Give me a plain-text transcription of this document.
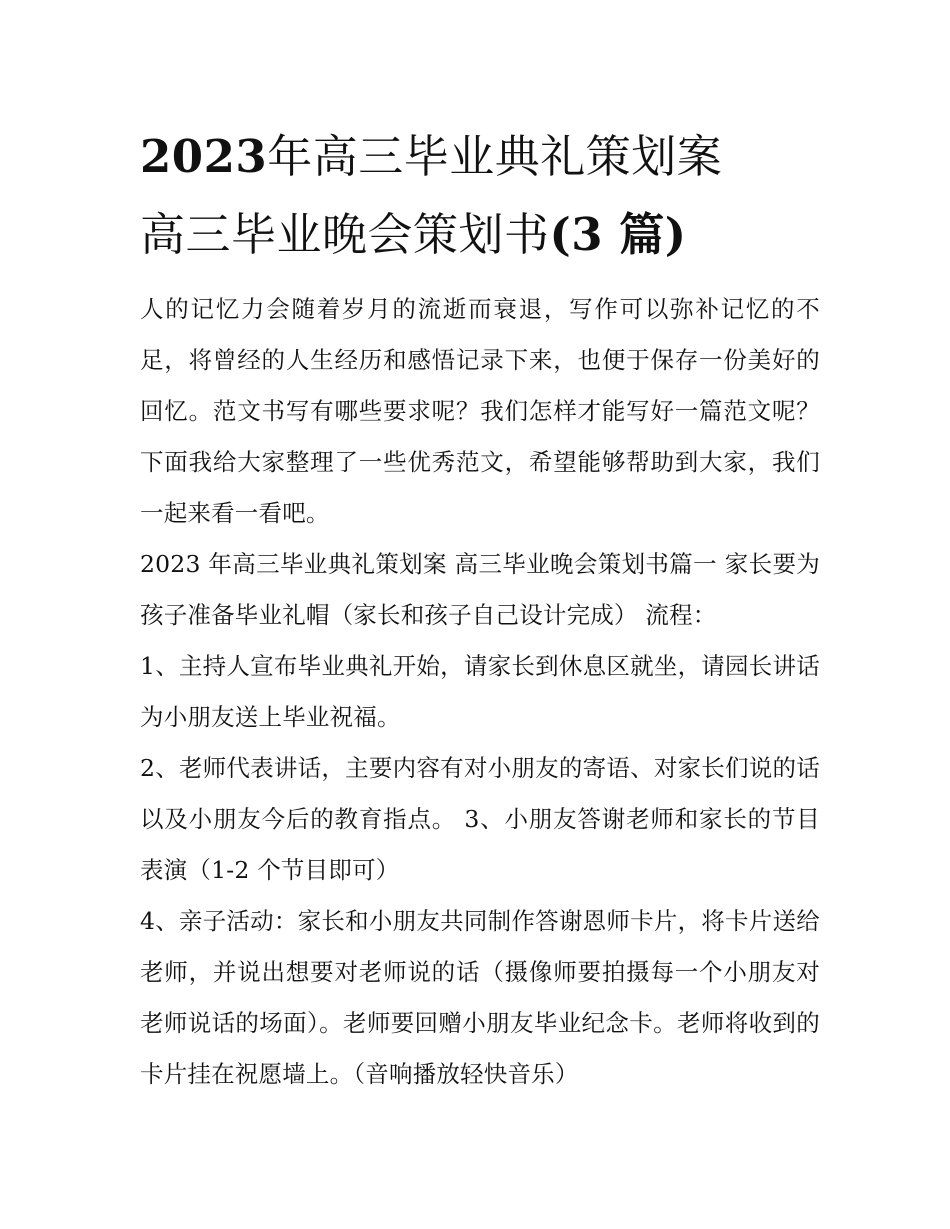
2023年高三毕业典礼策划案
高三毕业晚会策划书(3 篇)

人的记忆力会随着岁月的流逝而衰退，写作可以弥补记忆的不足，将曾经的人生经历和感悟记录下来，也便于保存一份美好的回忆。范文书写有哪些要求呢？我们怎样才能写好一篇范文呢？下面我给大家整理了一些优秀范文，希望能够帮助到大家，我们一起来看一看吧。

2023 年高三毕业典礼策划案 高三毕业晚会策划书篇一 家长要为孩子准备毕业礼帽（家长和孩子自己设计完成） 流程：

1、主持人宣布毕业典礼开始，请家长到休息区就坐，请园长讲话为小朋友送上毕业祝福。

2、老师代表讲话，主要内容有对小朋友的寄语、对家长们说的话以及小朋友今后的教育指点。 3、小朋友答谢老师和家长的节目表演（1-2 个节目即可）

4、亲子活动：家长和小朋友共同制作答谢恩师卡片，将卡片送给老师，并说出想要对老师说的话（摄像师要拍摄每一个小朋友对老师说话的场面）。老师要回赠小朋友毕业纪念卡。老师将收到的卡片挂在祝愿墙上。（音响播放轻快音乐）
